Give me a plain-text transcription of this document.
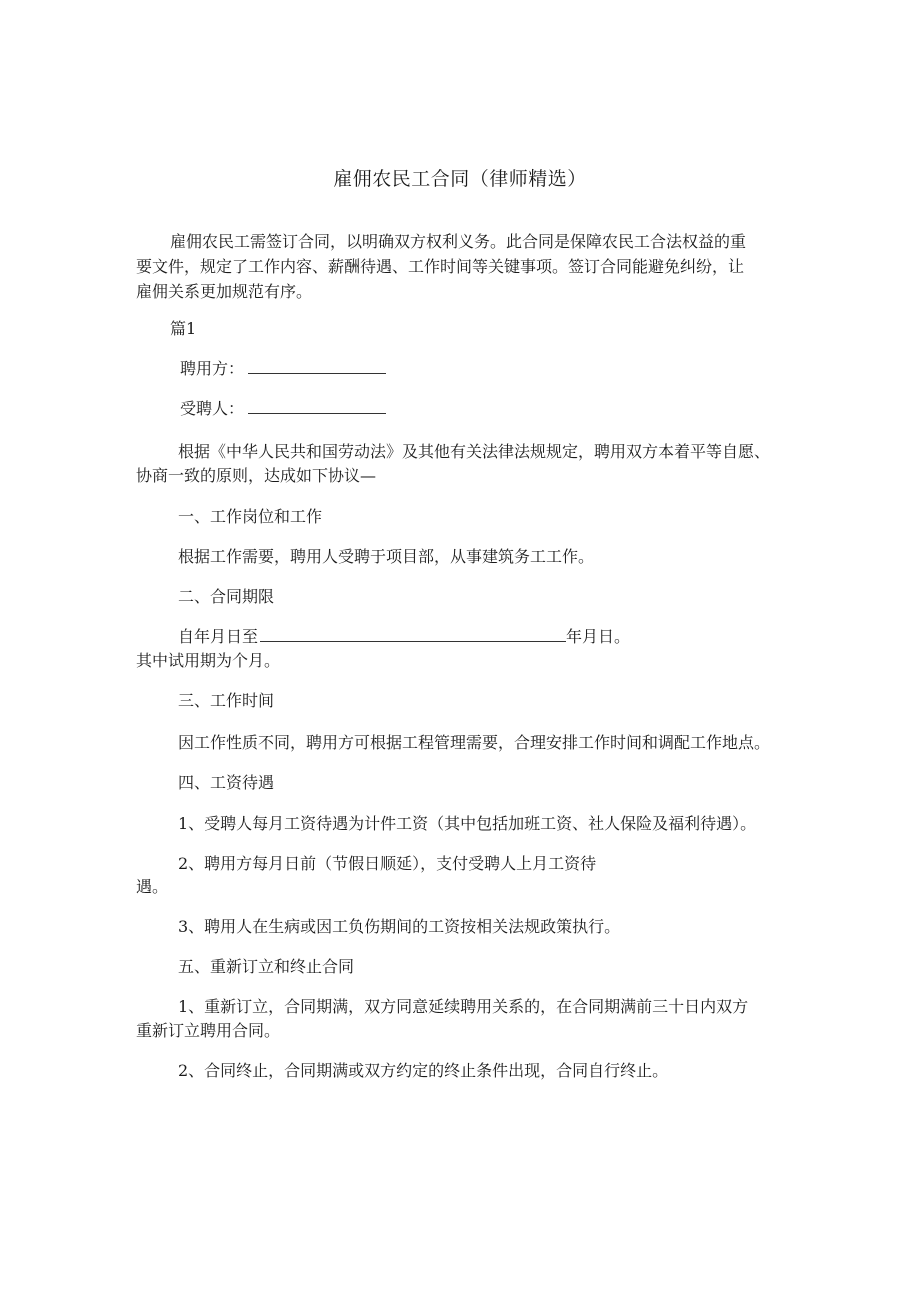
雇佣农民工合同（律师精选）
雇佣农民工需签订合同，以明确双方权利义务。此合同是保障农民工合法权益的重
要文件，规定了工作内容、薪酬待遇、工作时间等关键事项。签订合同能避免纠纷，让
雇佣关系更加规范有序。
篇1
聘用方：
受聘人：
根据《中华人民共和国劳动法》及其他有关法律法规规定，聘用双方本着平等自愿、
协商一致的原则，达成如下协议—
一、工作岗位和工作
根据工作需要，聘用人受聘于项目部，从事建筑务工工作。
二、合同期限
自年月日至	年月日。
其中试用期为个月。
三、工作时间
因工作性质不同，聘用方可根据工程管理需要，合理安排工作时间和调配工作地点。
四、工资待遇
1、受聘人每月工资待遇为计件工资（其中包括加班工资、社人保险及福利待遇）。
2、聘用方每月日前（节假日顺延），支付受聘人上月工资待
遇。
3、聘用人在生病或因工负伤期间的工资按相关法规政策执行。
五、重新订立和终止合同
1、重新订立，合同期满，双方同意延续聘用关系的，在合同期满前三十日内双方
重新订立聘用合同。
2、合同终止，合同期满或双方约定的终止条件出现，合同自行终止。
